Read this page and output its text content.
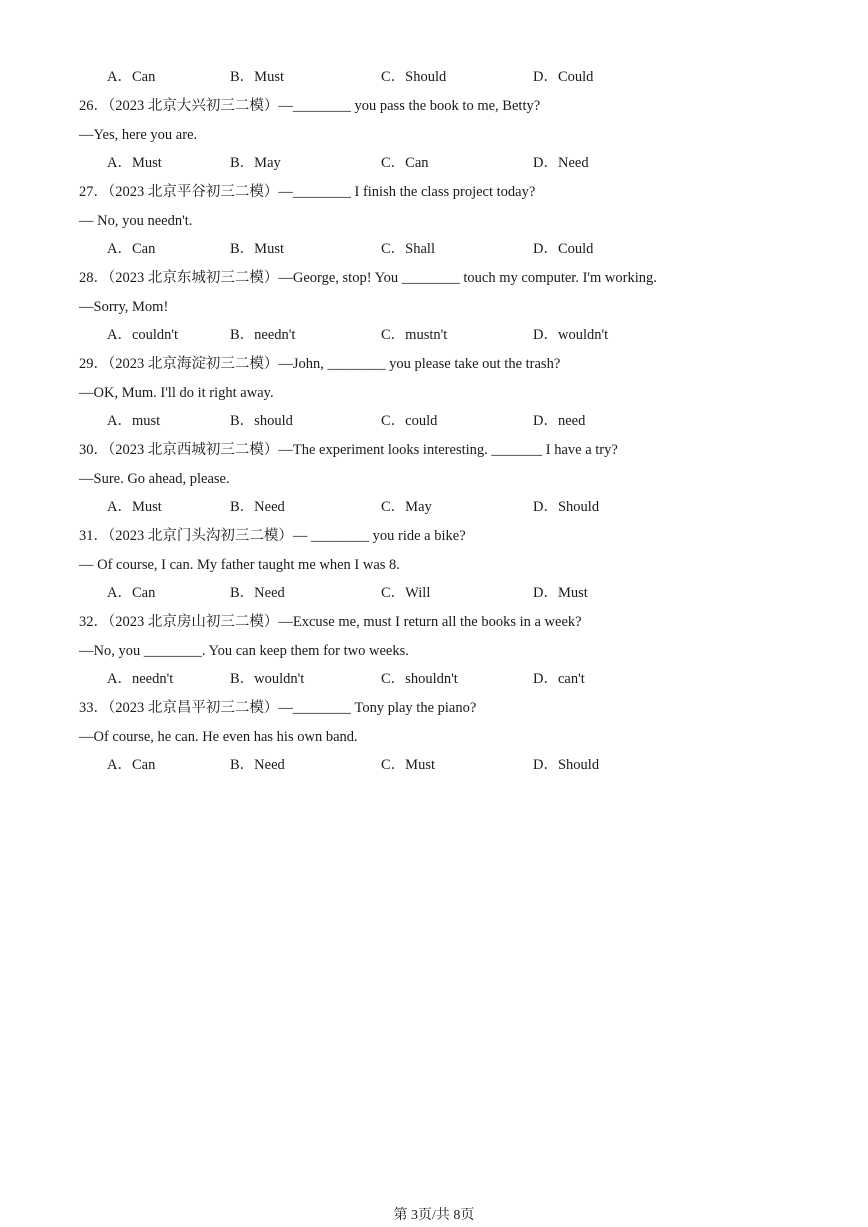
A．Can	B．Must	C．Should	D．Could
26．（2023 北京大兴初三二模）—________ you pass the book to me, Betty?
—Yes, here you are.
A．Must	B．May	C．Can	D．Need
27．（2023 北京平谷初三二模）—________ I finish the class project today?
— No, you needn't.
A．Can	B．Must	C．Shall	D．Could
28．（2023 北京东城初三二模）—George, stop! You ________ touch my computer. I'm working.
—Sorry, Mom!
A．couldn't	B．needn't	C．mustn't	D．wouldn't
29．（2023 北京海淀初三二模）—John, ________ you please take out the trash?
—OK, Mum. I'll do it right away.
A．must	B．should	C．could	D．need
30．（2023 北京西城初三二模）—The experiment looks interesting. _______ I have a try?
—Sure. Go ahead, please.
A．Must	B．Need	C．May	D．Should
31．（2023 北京门头沟初三二模）— ________ you ride a bike?
— Of course, I can. My father taught me when I was 8.
A．Can	B．Need	C．Will	D．Must
32．（2023 北京房山初三二模）—Excuse me, must I return all the books in a week?
—No, you ________. You can keep them for two weeks.
A．needn't	B．wouldn't	C．shouldn't	D．can't
33．（2023 北京昌平初三二模）—________ Tony play the piano?
—Of course, he can. He even has his own band.
A．Can	B．Need	C．Must	D．Should
第 3页/共 8页
